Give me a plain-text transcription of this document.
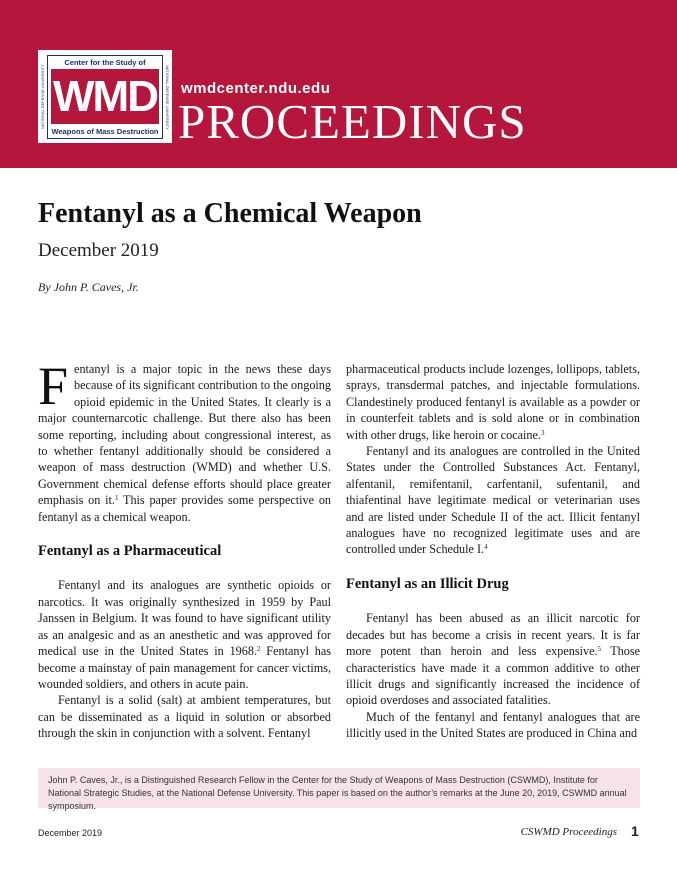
NATIONAL DEFENSE UNIVERSITY
Center for the Study of
WMD
Weapons of Mass Destruction
NATIONAL DEFENSE UNIVERSITY wmdcenter.ndu.edu
PROCEEDINGS
Fentanyl as a Chemical Weapon
December 2019
By John P. Caves, Jr.

Fentanyl is a major topic in the news these days because of its significant contribution to the ongoing opioid epidemic in the United States. It clearly is a major counternarcotic challenge. But there also has been some reporting, including about congressional interest, as to whether fentanyl additionally should be considered a weapon of mass destruction (WMD) and whether U.S. Government chemical defense efforts should place greater emphasis on it.$^1$ This paper provides some perspective on fentanyl as a chemical weapon.

Fentanyl as a Pharmaceutical

Fentanyl and its analogues are synthetic opioids or narcotics. It was originally synthesized in 1959 by Paul Janssen in Belgium. It was found to have significant utility as an analgesic and as an anesthetic and was approved for medical use in the United States in 1968.$^2$ Fentanyl has become a mainstay of pain management for cancer victims, wounded soldiers, and others in acute pain.

Fentanyl is a solid (salt) at ambient temperatures, but can be disseminated as a liquid in solution or absorbed through the skin in conjunction with a solvent. Fentanyl

pharmaceutical products include lozenges, lollipops, tablets, sprays, transdermal patches, and injectable formulations. Clandestinely produced fentanyl is available as a powder or in counterfeit tablets and is sold alone or in combination with other drugs, like heroin or cocaine.$^3$

Fentanyl and its analogues are controlled in the United States under the Controlled Substances Act. Fentanyl, alfentanil, remifentanil, carfentanil, sufentanil, and thiafentinal have legitimate medical or veterinarian uses and are listed under Schedule II of the act. Illicit fentanyl analogues have no recognized legitimate uses and are controlled under Schedule I.$^4$

Fentanyl as an Illicit Drug

Fentanyl has been abused as an illicit narcotic for decades but has become a crisis in recent years. It is far more potent than heroin and less expensive.$^5$ Those characteristics have made it a common additive to other illicit drugs and significantly increased the incidence of opioid overdoses and associated fatalities.

Much of the fentanyl and fentanyl analogues that are illicitly used in the United States are produced in China and

John P. Caves, Jr., is a Distinguished Research Fellow in the Center for the Study of Weapons of Mass Destruction (CSWMD), Institute for National Strategic Studies, at the National Defense University. This paper is based on the author’s remarks at the June 20, 2019, CSWMD annual symposium.
December 2019	CSWMD Proceedings 1
